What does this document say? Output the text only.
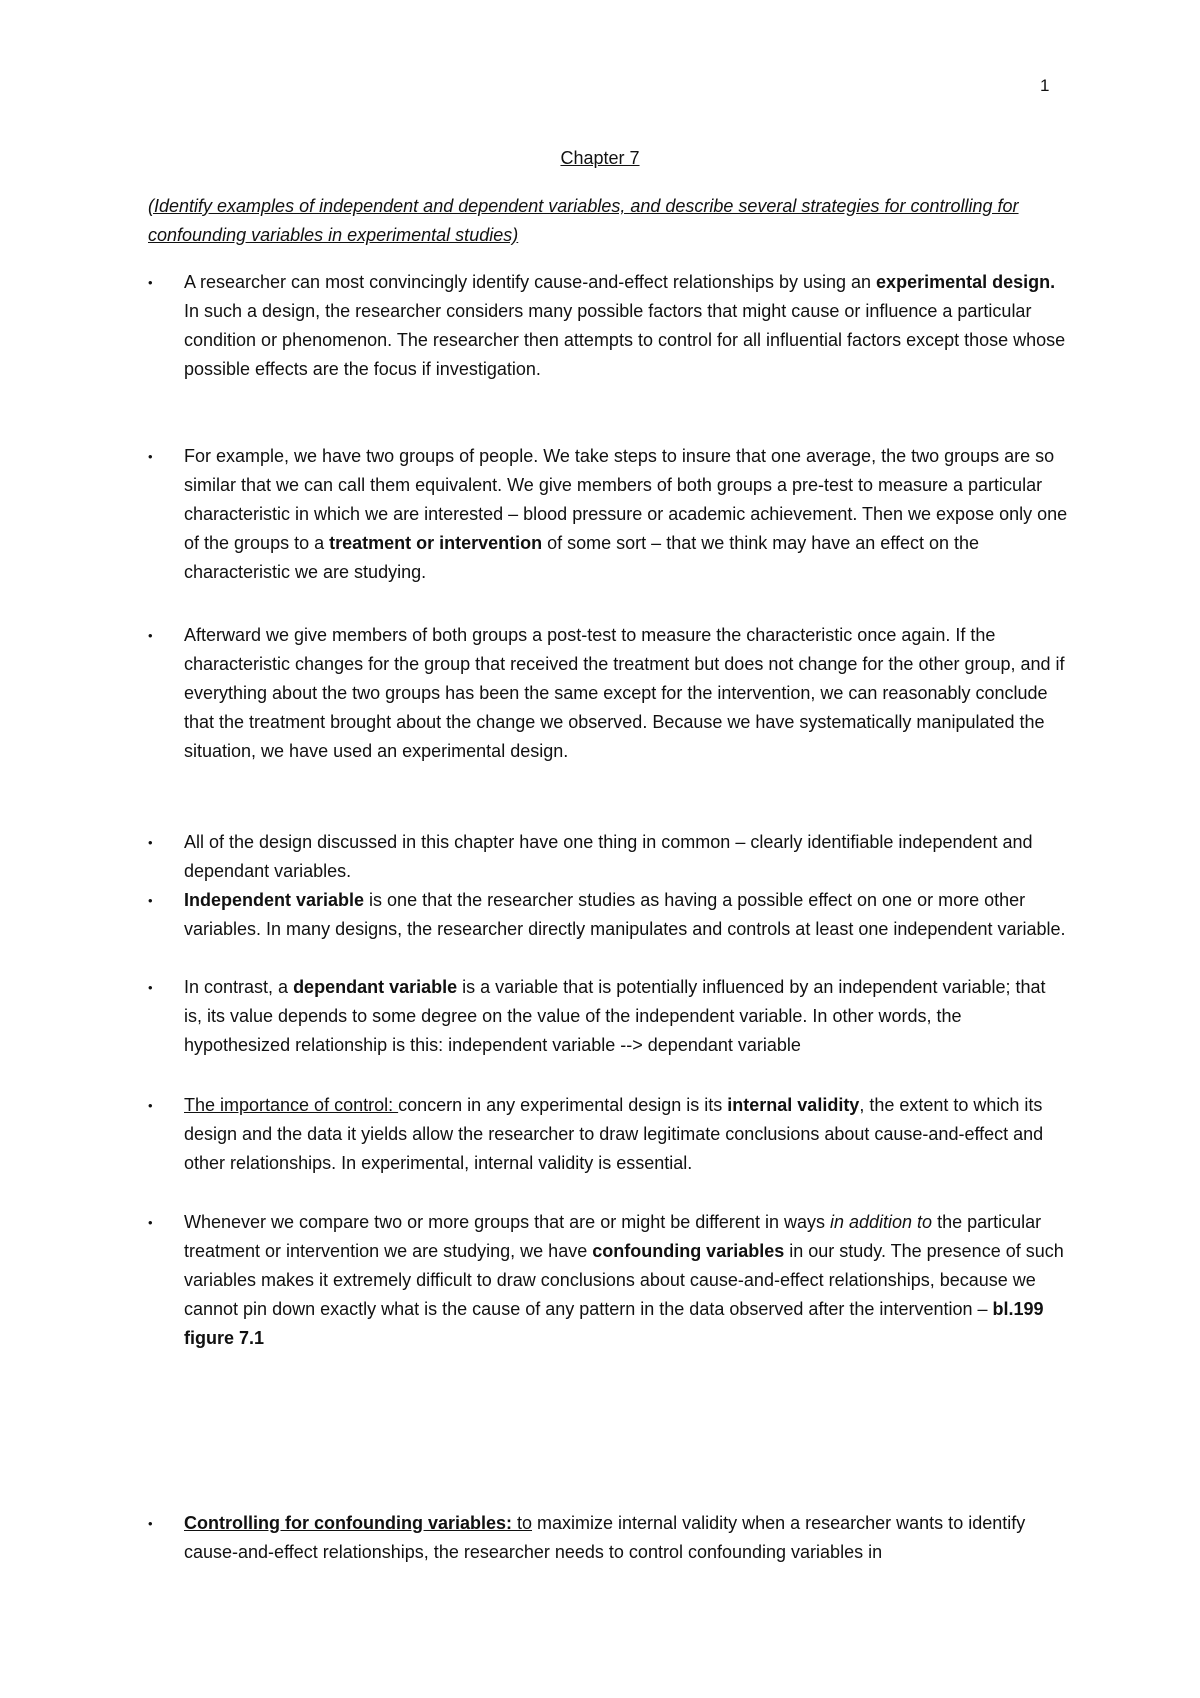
1
Chapter 7
(Identify examples of independent and dependent variables, and describe several strategies for controlling for confounding variables in experimental studies)
•	A researcher can most convincingly identify cause-and-effect relationships by using an experimental design. In such a design, the researcher considers many possible factors that might cause or influence a particular condition or phenomenon. The researcher then attempts to control for all influential factors except those whose possible effects are the focus if investigation.
•	For example, we have two groups of people. We take steps to insure that one average, the two groups are so similar that we can call them equivalent. We give members of both groups a pre-test to measure a particular characteristic in which we are interested – blood pressure or academic achievement. Then we expose only one of the groups to a treatment or intervention of some sort – that we think may have an effect on the characteristic we are studying.
•	Afterward we give members of both groups a post-test to measure the characteristic once again. If the characteristic changes for the group that received the treatment but does not change for the other group, and if everything about the two groups has been the same except for the intervention, we can reasonably conclude that the treatment brought about the change we observed. Because we have systematically manipulated the situation, we have used an experimental design.
•	All of the design discussed in this chapter have one thing in common – clearly identifiable independent and dependant variables.
•	Independent variable is one that the researcher studies as having a possible effect on one or more other variables. In many designs, the researcher directly manipulates and controls at least one independent variable.
•	In contrast, a dependant variable is a variable that is potentially influenced by an independent variable; that is, its value depends to some degree on the value of the independent variable. In other words, the hypothesized relationship is this: independent variable --> dependant variable
•	The importance of control: concern in any experimental design is its internal validity, the extent to which its design and the data it yields allow the researcher to draw legitimate conclusions about cause-and-effect and other relationships. In experimental, internal validity is essential.
•	Whenever we compare two or more groups that are or might be different in ways in addition to the particular treatment or intervention we are studying, we have confounding variables in our study. The presence of such variables makes it extremely difficult to draw conclusions about cause-and-effect relationships, because we cannot pin down exactly what is the cause of any pattern in the data observed after the intervention – bl.199 figure 7.1
•	Controlling for confounding variables: to maximize internal validity when a researcher wants to identify cause-and-effect relationships, the researcher needs to control confounding variables in
